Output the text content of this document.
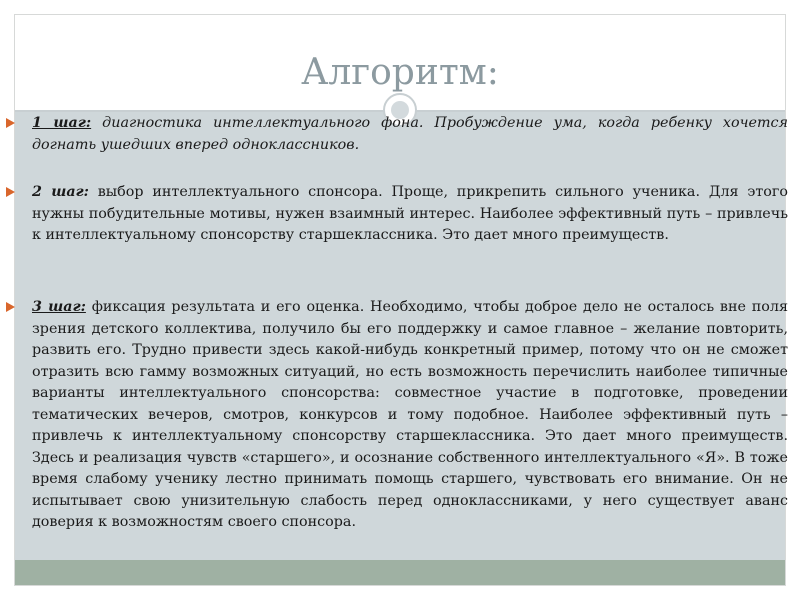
Алгоритм:

1 шаг: диагностика интеллектуального фона. Пробуждение ума, когда ребенку хочется догнать ушедших вперед одноклассников.

2 шаг: выбор интеллектуального спонсора. Проще, прикрепить сильного ученика. Для этого нужны побудительные мотивы, нужен взаимный интерес. Наиболее эффективный путь – привлечь к интеллектуальному спонсорству старшеклассника. Это дает много преимуществ.

3 шаг: фиксация результата и его оценка. Необходимо, чтобы доброе дело не осталось вне поля зрения детского коллектива, получило бы его поддержку и самое главное – желание повторить, развить его. Трудно привести здесь какой-нибудь конкретный пример, потому что он не сможет отразить всю гамму возможных ситуаций, но есть возможность перечислить наиболее типичные варианты интеллектуального спонсорства: совместное участие в подготовке, проведении тематических вечеров, смотров, конкурсов и тому подобное. Наиболее эффективный путь – привлечь к интеллектуальному спонсорству старшеклассника. Это дает много преимуществ. Здесь и реализация чувств «старшего», и осознание собственного интеллектуального «Я». В тоже время слабому ученику лестно принимать помощь старшего, чувствовать его внимание. Он не испытывает свою унизительную слабость перед одноклассниками, у него существует аванс доверия к возможностям своего спонсора.
